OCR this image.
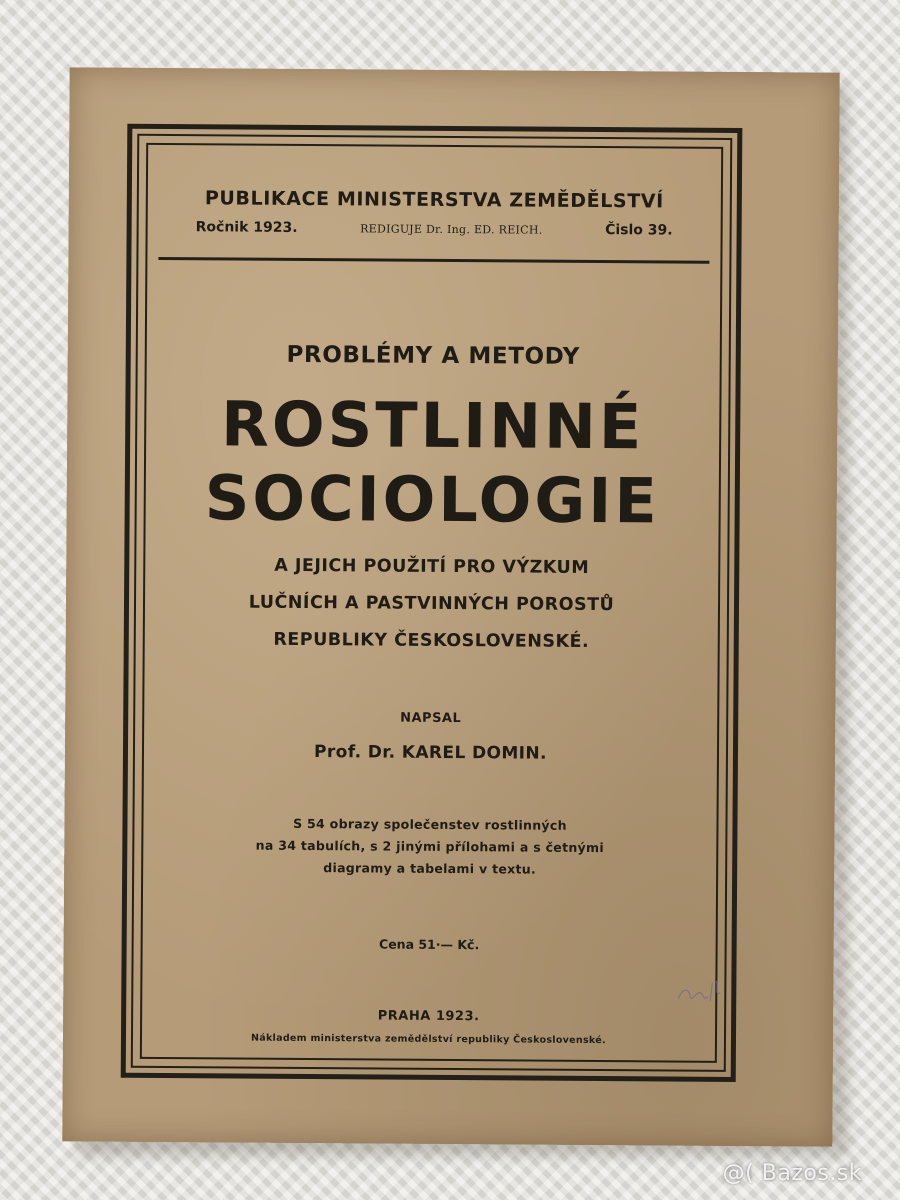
PUBLIKACE MINISTERSTVA ZEMĚDĚLSTVÍ
Ročnik 1923.	REDIGUJE Dr. Ing. ED. REICH.	Čislo 39.
PROBLÉMY A METODY
ROSTLINNÉ
SOCIOLOGIE
A JEJICH POUŽITÍ PRO VÝZKUM
LUČNÍCH A PASTVINNÝCH POROSTŮ
REPUBLIKY ČESKOSLOVENSKÉ.
NAPSAL
Prof. Dr. KAREL DOMIN.
S 54 obrazy společenstev rostlinných
na 34 tabulích, s 2 jinými přílohami a s četnými
diagramy a tabelami v textu.
Cena 51·— Kč.
PRAHA 1923.
Nákladem ministerstva zemědělství republiky Československé.
@( Bazos.sk
